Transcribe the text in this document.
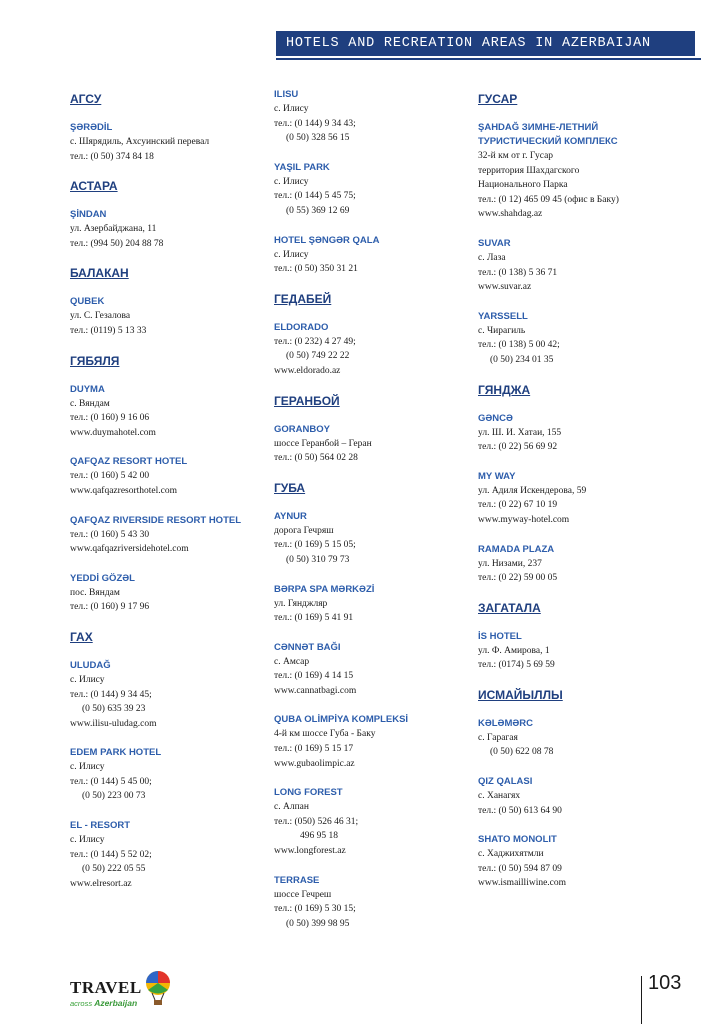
HOTELS AND RECREATION AREAS IN AZERBAIJAN
АГСУ
ŞƏRƏDİL
с. Шярядиль, Ахсуинский перевал
тел.: (0 50) 374 84 18
АСТАРА
ŞİNDAN
ул. Азербайджана, 11
тел.: (994 50) 204 88 78
БАЛАКАН
QUBEK
ул. С. Гезалова
тел.: (0119) 5 13 33
ГЯБЯЛЯ
DUYMA
с. Вяндам
тел.: (0 160) 9 16 06
www.duymahotel.com
QAFQAZ RESORT HOTEL
тел.: (0 160) 5 42 00
www.qafqazresorthotel.com
QAFQAZ RIVERSIDE RESORT HOTEL
тел.: (0 160) 5 43 30
www.qafqazriversidehotel.com
YEDDİ GÖZƏL
пос. Вяндам
тел.: (0 160) 9 17 96
ГАХ
ULUDAĞ
с. Илису
тел.: (0 144) 9 34 45;
(0 50) 635 39 23
www.ilisu-uludag.com
EDEM PARK HOTEL
с. Илису
тел.: (0 144) 5 45 00;
(0 50) 223 00 73
EL - RESORT
с. Илису
тел.: (0 144) 5 52 02;
(0 50) 222 05 55
www.elresort.az
ILISU
с. Илису
тел.: (0 144) 9 34 43;
(0 50) 328 56 15
YAŞIL PARK
с. Илису
тел.: (0 144) 5 45 75;
(0 55) 369 12 69
HOTEL ŞƏNGƏR QALA
с. Илису
тел.: (0 50) 350 31 21
ГЕДАБЕЙ
ELDORADO
тел.: (0 232) 4 27 49;
(0 50) 749 22 22
www.eldorado.az
ГЕРАНБОЙ
GORANBOY
шоссе Геранбой – Геран
тел.: (0 50) 564 02 28
ГУБА
AYNUR
дорога Гечряш
тел.: (0 169) 5 15 05;
(0 50) 310 79 73
BƏRPA SPA MƏRKƏZİ
ул. Гянджляр
тел.: (0 169) 5 41 91
CƏNNƏT BAĞI
с. Амсар
тел.: (0 169) 4 14 15
www.cannatbagi.com
QUBA OLİMPİYA KOMPLEKSİ
4-й км шоссе Губа - Баку
тел.: (0 169) 5 15 17
www.gubaolimpic.az
LONG FOREST
с. Алпан
тел.: (050) 526 46 31;
496 95 18
www.longforest.az
TERRASE
шоссе Гечреш
тел.: (0 169) 5 30 15;
(0 50) 399 98 95
ГУСАР
ŞAHDAĞ ЗИМНЕ-ЛЕТНИЙ ТУРИСТИЧЕСКИЙ КОМПЛЕКС
32-й км от г. Гусар
территория Шахдагского
Национального Парка
тел.: (0 12) 465 09 45 (офис в Баку)
www.shahdag.az
SUVAR
с. Лаза
тел.: (0 138) 5 36 71
www.suvar.az
YARSSELL
с. Чирагиль
тел.: (0 138) 5 00 42;
(0 50) 234 01 35
ГЯНДЖА
GƏNCƏ
ул. Ш. И. Хатаи, 155
тел.: (0 22) 56 69 92
MY WAY
ул. Адиля Искендерова, 59
тел.: (0 22) 67 10 19
www.myway-hotel.com
RAMADA PLAZA
ул. Низами, 237
тел.: (0 22) 59 00 05
ЗАГАТАЛА
İS HOTEL
ул. Ф. Амирова, 1
тел.: (0174) 5 69 59
ИСМАЙЫЛЛЫ
KƏLƏMƏRC
с. Гарагая
(0 50) 622 08 78
QIZ QALASI
с. Ханагях
тел.: (0 50) 613 64 90
SHATO MONOLIT
с. Хаджихятмли
тел.: (0 50) 594 87 09
www.ismailliwine.com
TRAVEL
across Azerbaijan
103
